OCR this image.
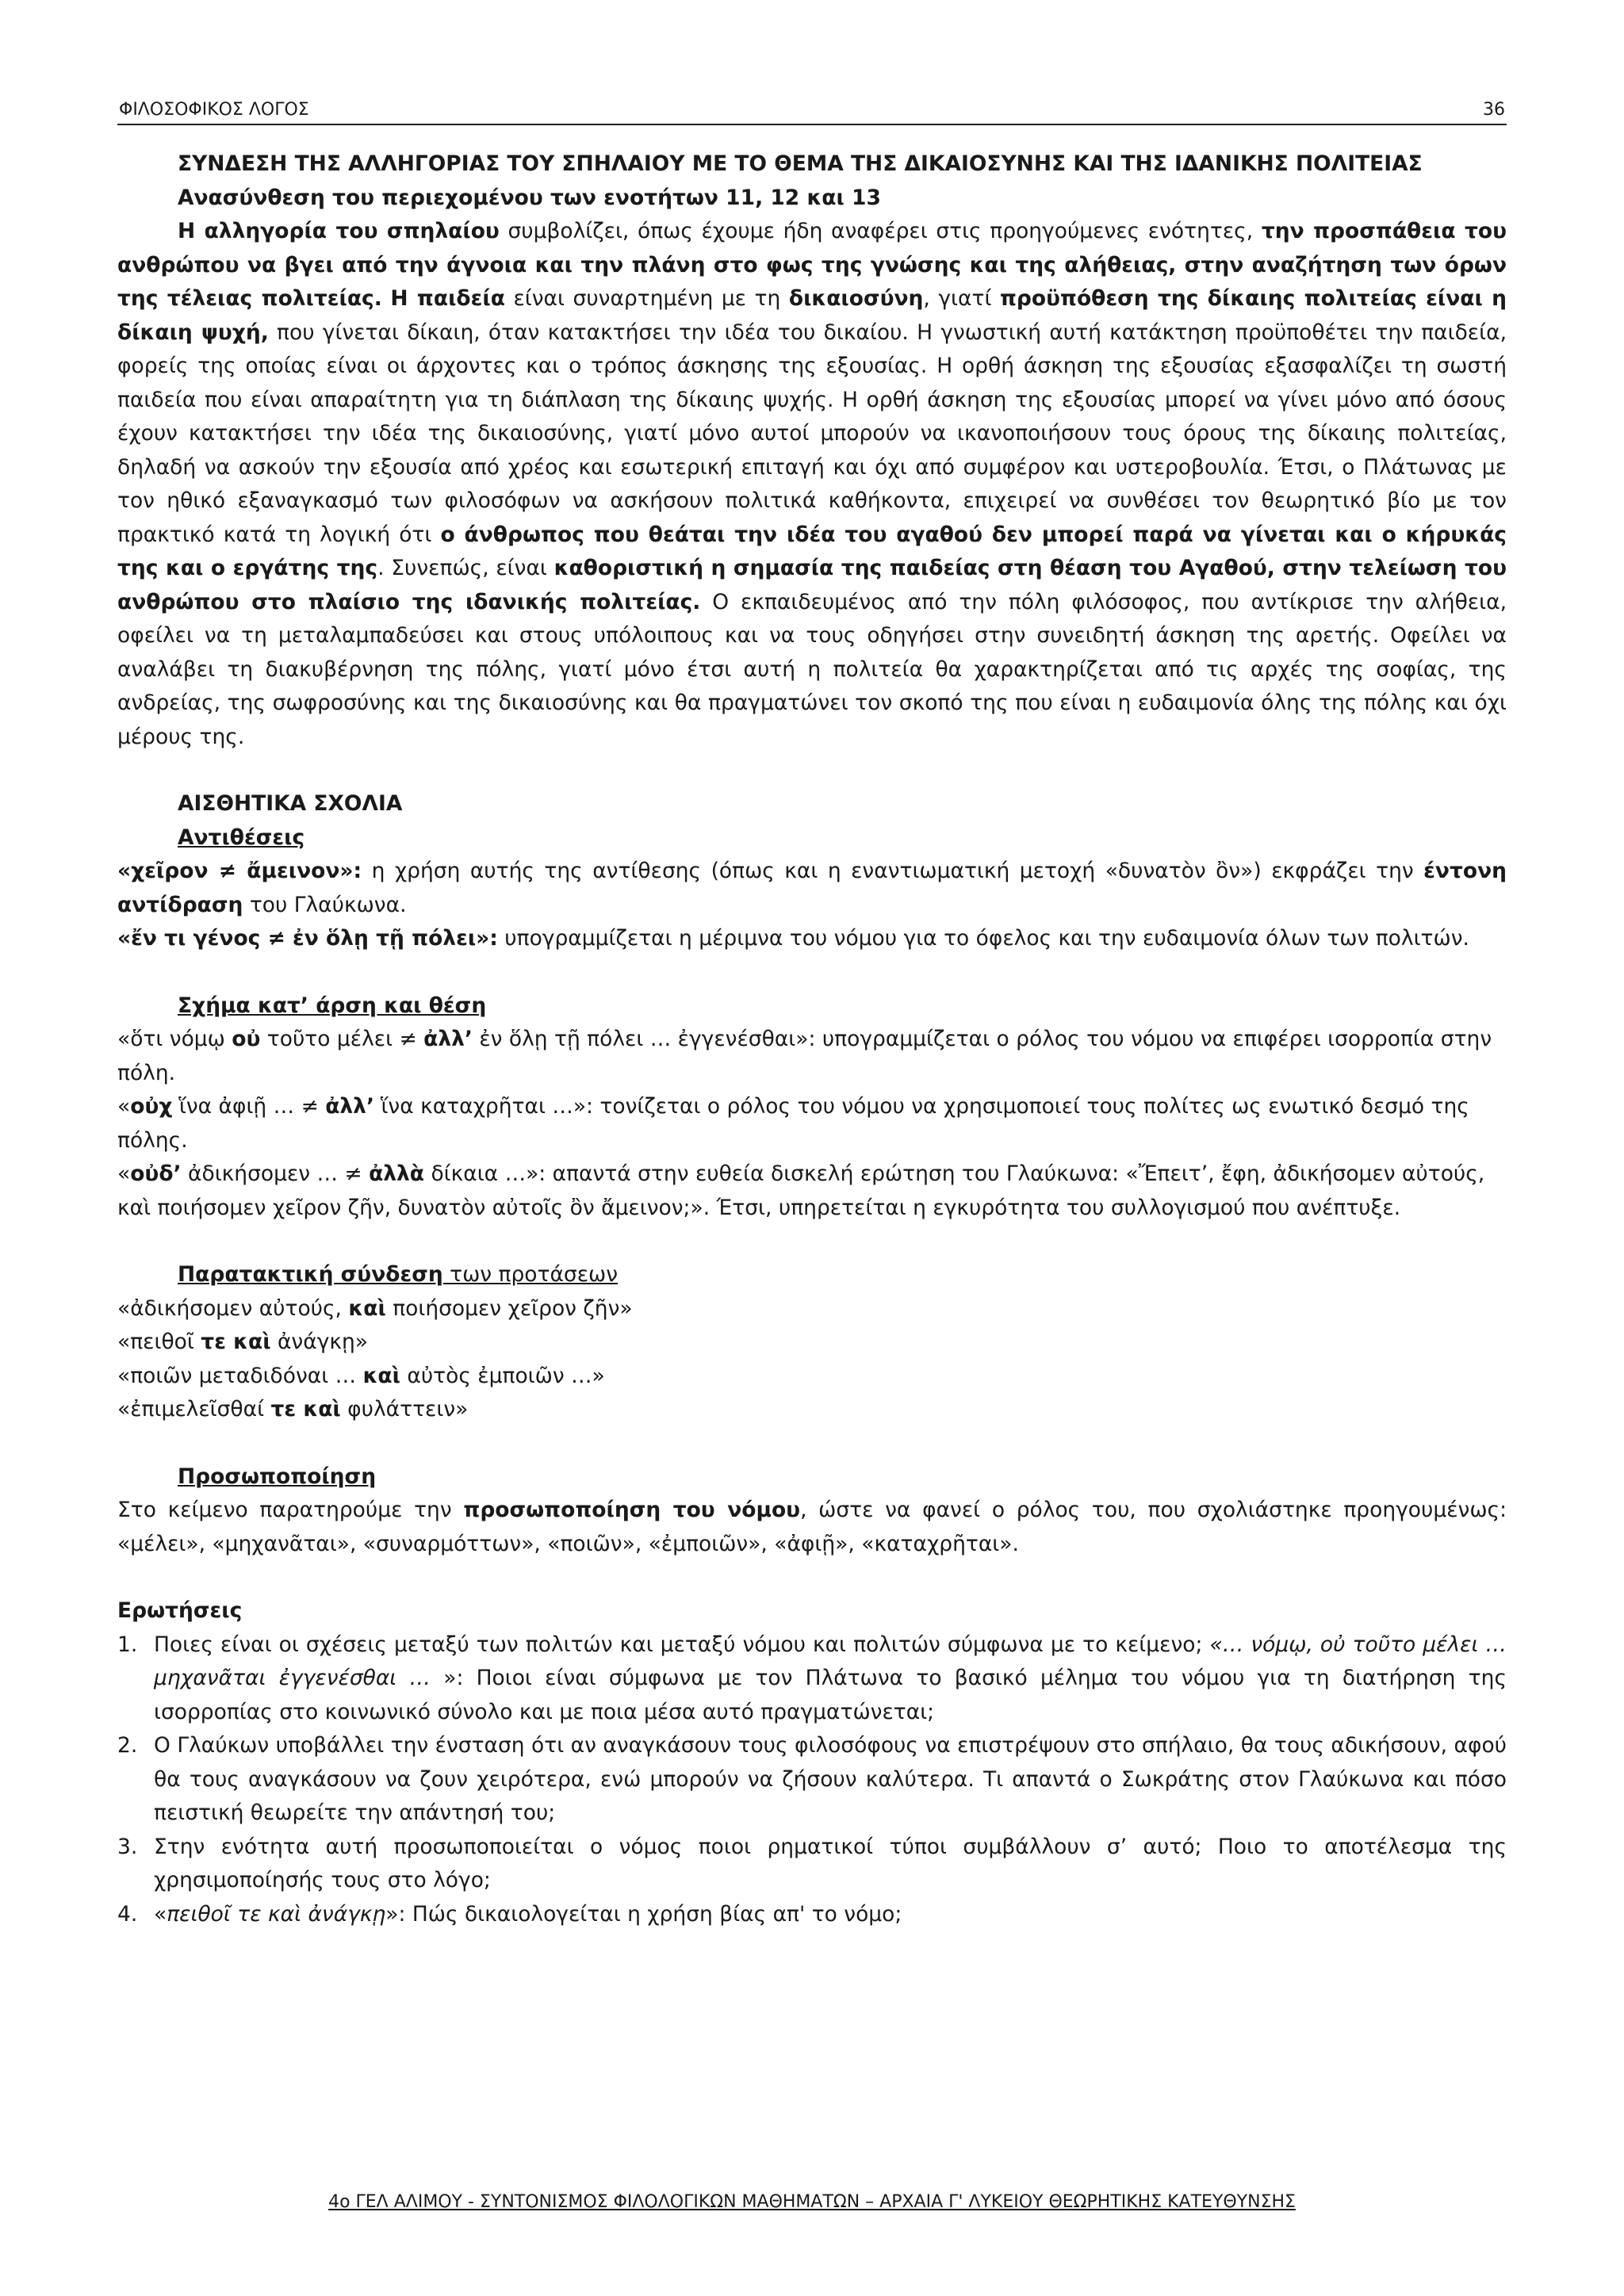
ΦΙΛΟΣΟΦΙΚΟΣ ΛΟΓΟΣ	36

ΣΥΝΔΕΣΗ ΤΗΣ ΑΛΛΗΓΟΡΙΑΣ ΤΟΥ ΣΠΗΛΑΙΟΥ ΜΕ ΤΟ ΘΕΜΑ ΤΗΣ ΔΙΚΑΙΟΣΥΝΗΣ ΚΑΙ ΤΗΣ ΙΔΑΝΙΚΗΣ ΠΟΛΙΤΕΙΑΣ

Ανασύνθεση του περιεχομένου των ενοτήτων 11, 12 και 13

Η αλληγορία του σπηλαίου συμβολίζει, όπως έχουμε ήδη αναφέρει στις προηγούμενες ενότητες, την προσπάθεια του ανθρώπου να βγει από την άγνοια και την πλάνη στο φως της γνώσης και της αλήθειας, στην αναζήτηση των όρων της τέλειας πολιτείας. Η παιδεία είναι συναρτημένη με τη δικαιοσύνη, γιατί προϋπόθεση της δίκαιης πολιτείας είναι η δίκαιη ψυχή, που γίνεται δίκαιη, όταν κατακτήσει την ιδέα του δικαίου. Η γνωστική αυτή κατάκτηση προϋποθέτει την παιδεία, φορείς της οποίας είναι οι άρχοντες και ο τρόπος άσκησης της εξουσίας. Η ορθή άσκηση της εξουσίας εξασφαλίζει τη σωστή παιδεία που είναι απαραίτητη για τη διάπλαση της δίκαιης ψυχής. Η ορθή άσκηση της εξουσίας μπορεί να γίνει μόνο από όσους έχουν κατακτήσει την ιδέα της δικαιοσύνης, γιατί μόνο αυτοί μπορούν να ικανοποιήσουν τους όρους της δίκαιης πολιτείας, δηλαδή να ασκούν την εξουσία από χρέος και εσωτερική επιταγή και όχι από συμφέρον και υστεροβουλία. Έτσι, ο Πλάτωνας με τον ηθικό εξαναγκασμό των φιλοσόφων να ασκήσουν πολιτικά καθήκοντα, επιχειρεί να συνθέσει τον θεωρητικό βίο με τον πρακτικό κατά τη λογική ότι ο άνθρωπος που θεάται την ιδέα του αγαθού δεν μπορεί παρά να γίνεται και ο κήρυκάς της και ο εργάτης της. Συνεπώς, είναι καθοριστική η σημασία της παιδείας στη θέαση του Αγαθού, στην τελείωση του ανθρώπου στο πλαίσιο της ιδανικής πολιτείας. Ο εκπαιδευμένος από την πόλη φιλόσοφος, που αντίκρισε την αλήθεια, οφείλει να τη μεταλαμπαδεύσει και στους υπόλοιπους και να τους οδηγήσει στην συνειδητή άσκηση της αρετής. Οφείλει να αναλάβει τη διακυβέρνηση της πόλης, γιατί μόνο έτσι αυτή η πολιτεία θα χαρακτηρίζεται από τις αρχές της σοφίας, της ανδρείας, της σωφροσύνης και της δικαιοσύνης και θα πραγματώνει τον σκοπό της που είναι η ευδαιμονία όλης της πόλης και όχι μέρους της.

ΑΙΣΘΗΤΙΚΑ ΣΧΟΛΙΑ

Αντιθέσεις

«χεῖρον ≠ ἄμεινον»: η χρήση αυτής της αντίθεσης (όπως και η εναντιωματική μετοχή «δυνατὸν ὂν») εκφράζει την έντονη αντίδραση του Γλαύκωνα.

«ἔν τι γένος ≠ ἐν ὅλῃ τῇ πόλει»: υπογραμμίζεται η μέριμνα του νόμου για το όφελος και την ευδαιμονία όλων των πολιτών.

Σχήμα κατ’ άρση και θέση

«ὅτι νόμῳ οὐ τοῦτο μέλει ≠ ἀλλ’ ἐν ὅλῃ τῇ πόλει … ἐγγενέσθαι»: υπογραμμίζεται ο ρόλος του νόμου να επιφέρει ισορροπία στην πόλη.

«οὐχ ἵνα ἀφιῇ … ≠ ἀλλ’ ἵνα καταχρῆται …»: τονίζεται ο ρόλος του νόμου να χρησιμοποιεί τους πολίτες ως ενωτικό δεσμό της πόλης.

«οὐδ’ ἀδικήσομεν … ≠ ἀλλὰ δίκαια …»: απαντά στην ευθεία δισκελή ερώτηση του Γλαύκωνα: «Ἔπειτ’, ἔφη, ἀδικήσομεν αὐτούς, καὶ ποιήσομεν χεῖρον ζῆν, δυνατὸν αὐτοῖς ὂν ἄμεινον;». Έτσι, υπηρετείται η εγκυρότητα του συλλογισμού που ανέπτυξε.

Παρατακτική σύνδεση των προτάσεων

«ἀδικήσομεν αὐτούς, καὶ ποιήσομεν χεῖρον ζῆν»

«πειθοῖ τε καὶ ἀνάγκῃ»

«ποιῶν μεταδιδόναι … καὶ αὐτὸς ἐμποιῶν …»

«ἐπιμελεῖσθαί τε καὶ φυλάττειν»

Προσωποποίηση

Στο κείμενο παρατηρούμε την προσωποποίηση του νόμου, ώστε να φανεί ο ρόλος του, που σχολιάστηκε προηγουμένως: «μέλει», «μηχανᾶται», «συναρμόττων», «ποιῶν», «ἐμποιῶν», «ἀφιῇ», «καταχρῆται».

Ερωτήσεις

1. Ποιες είναι οι σχέσεις μεταξύ των πολιτών και μεταξύ νόμου και πολιτών σύμφωνα με το κείμενο; «… νόμῳ, οὐ τοῦτο μέλει … μηχανᾶται ἐγγενέσθαι … »: Ποιοι είναι σύμφωνα με τον Πλάτωνα το βασικό μέλημα του νόμου για τη διατήρηση της ισορροπίας στο κοινωνικό σύνολο και με ποια μέσα αυτό πραγματώνεται;
2. Ο Γλαύκων υποβάλλει την ένσταση ότι αν αναγκάσουν τους φιλοσόφους να επιστρέψουν στο σπήλαιο, θα τους αδικήσουν, αφού θα τους αναγκάσουν να ζουν χειρότερα, ενώ μπορούν να ζήσουν καλύτερα. Τι απαντά ο Σωκράτης στον Γλαύκωνα και πόσο πειστική θεωρείτε την απάντησή του;
3. Στην ενότητα αυτή προσωποποιείται ο νόμος ποιοι ρηματικοί τύποι συμβάλλουν σ’ αυτό; Ποιο το αποτέλεσμα της χρησιμοποίησής τους στο λόγο;
4. «πειθοῖ τε καὶ ἀνάγκῃ»: Πώς δικαιολογείται η χρήση βίας απ' το νόμο;
4ο ΓΕΛ ΑΛΙΜΟΥ - ΣΥΝΤΟΝΙΣΜΟΣ ΦΙΛΟΛΟΓΙΚΩΝ ΜΑΘΗΜΑΤΩΝ – ΑΡΧΑΙΑ Γ' ΛΥΚΕΙΟΥ ΘΕΩΡΗΤΙΚΗΣ ΚΑΤΕΥΘΥΝΣΗΣ
